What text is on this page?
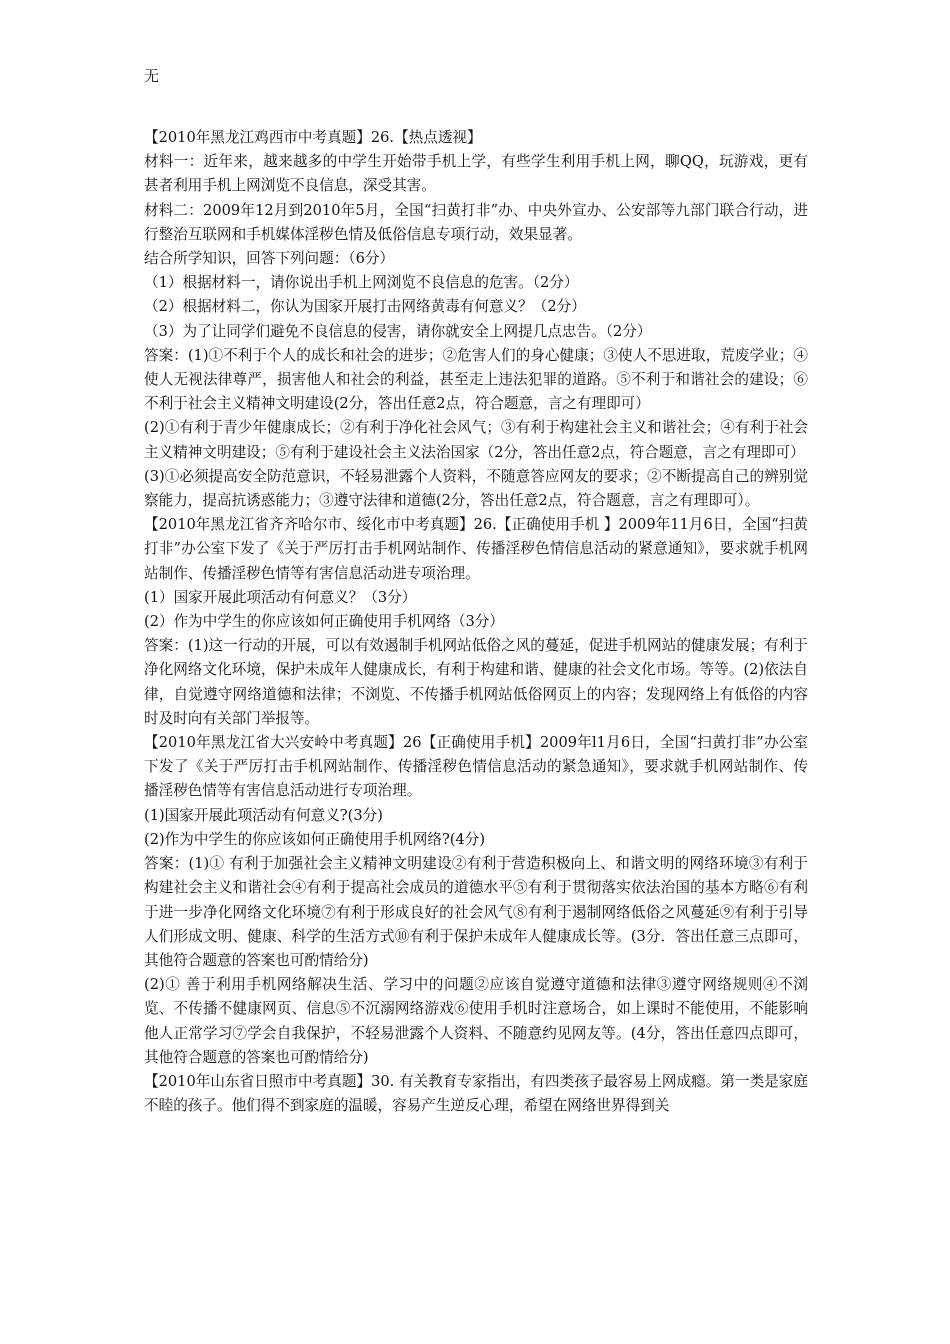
无

【2010年黑龙江鸡西市中考真题】26.【热点透视】

材料一：近年来，越来越多的中学生开始带手机上学，有些学生利用手机上网，聊QQ，玩游戏，更有甚者利用手机上网浏览不良信息，深受其害。

材料二：2009年12月到2010年5月，全国“扫黄打非”办、中央外宣办、公安部等九部门联合行动，进行整治互联网和手机媒体淫秽色情及低俗信息专项行动，效果显著。

结合所学知识，回答下列问题：（6分）

（1）根据材料一，请你说出手机上网浏览不良信息的危害。（2分）

（2）根据材料二，你认为国家开展打击网络黄毒有何意义？（2分）

（3）为了让同学们避免不良信息的侵害，请你就安全上网提几点忠告。（2分）

答案：(1)①不利于个人的成长和社会的进步；②危害人们的身心健康；③使人不思进取，荒废学业；④使人无视法律尊严，损害他人和社会的利益，甚至走上违法犯罪的道路。⑤不利于和谐社会的建设；⑥不利于社会主义精神文明建设(2分，答出任意2点，符合题意，言之有理即可）

(2)①有利于青少年健康成长；②有利于净化社会风气；③有利于构建社会主义和谐社会；④有利于社会主义精神文明建设；⑤有利于建设社会主义法治国家（2分，答出任意2点，符合题意，言之有理即可）

(3)①必须提高安全防范意识，不轻易泄露个人资料，不随意答应网友的要求；②不断提高自己的辨别觉察能力，提高抗诱惑能力；③遵守法律和道德(2分，答出任意2点，符合题意，言之有理即可）。

【2010年黑龙江省齐齐哈尔市、绥化市中考真题】26.【正确使用手机 】2009年11月6日，全国“扫黄打非”办公室下发了《关于严厉打击手机网站制作、传播淫秽色情信息活动的紧意通知》，要求就手机网站制作、传播淫秽色情等有害信息活动进专项治理。

(1）国家开展此项活动有何意义？（3分）

(2）作为中学生的你应该如何正确使用手机网络（3分）

答案：(1)这一行动的开展，可以有效遏制手机网站低俗之风的蔓延，促进手机网站的健康发展；有利于净化网络文化环境，保护未成年人健康成长，有利于构建和谐、健康的社会文化市场。等等。(2)依法自律，自觉遵守网络道德和法律；不浏览、不传播手机网站低俗网页上的内容；发现网络上有低俗的内容时及时向有关部门举报等。

【2010年黑龙江省大兴安岭中考真题】26【正确使用手机】2009年l1月6日，全国“扫黄打非”办公室下发了《关于严厉打击手机网站制作、传播淫秽色情信息活动的紧急通知》，要求就手机网站制作、传播淫秽色情等有害信息活动进行专项治理。

(1)国家开展此项活动有何意义?(3分)

(2)作为中学生的你应该如何正确使用手机网络?(4分)

答案：(1)① 有利于加强社会主义精神文明建设②有利于营造积极向上、和谐文明的网络环境③有利于构建社会主义和谐社会④有利于提高社会成员的道德水平⑤有利于贯彻落实依法治国的基本方略⑥有利于进一步净化网络文化环境⑦有利于形成良好的社会风气⑧有利于遏制网络低俗之风蔓延⑨有利于引导人们形成文明、健康、科学的生活方式⑩有利于保护未成年人健康成长等。(3分．答出任意三点即可，其他符合题意的答案也可酌情给分)

(2)① 善于利用手机网络解决生活、学习中的问题②应该自觉遵守道德和法律③遵守网络规则④不浏览、不传播不健康网页、信息⑤不沉溺网络游戏⑥使用手机时注意场合，如上课时不能使用，不能影响他人正常学习⑦学会自我保护，不轻易泄露个人资料、不随意约见网友等。(4分，答出任意四点即可，其他符合题意的答案也可酌情给分)

【2010年山东省日照市中考真题】30. 有关教育专家指出，有四类孩子最容易上网成瘾。第一类是家庭不睦的孩子。他们得不到家庭的温暖，容易产生逆反心理，希望在网络世界得到关
